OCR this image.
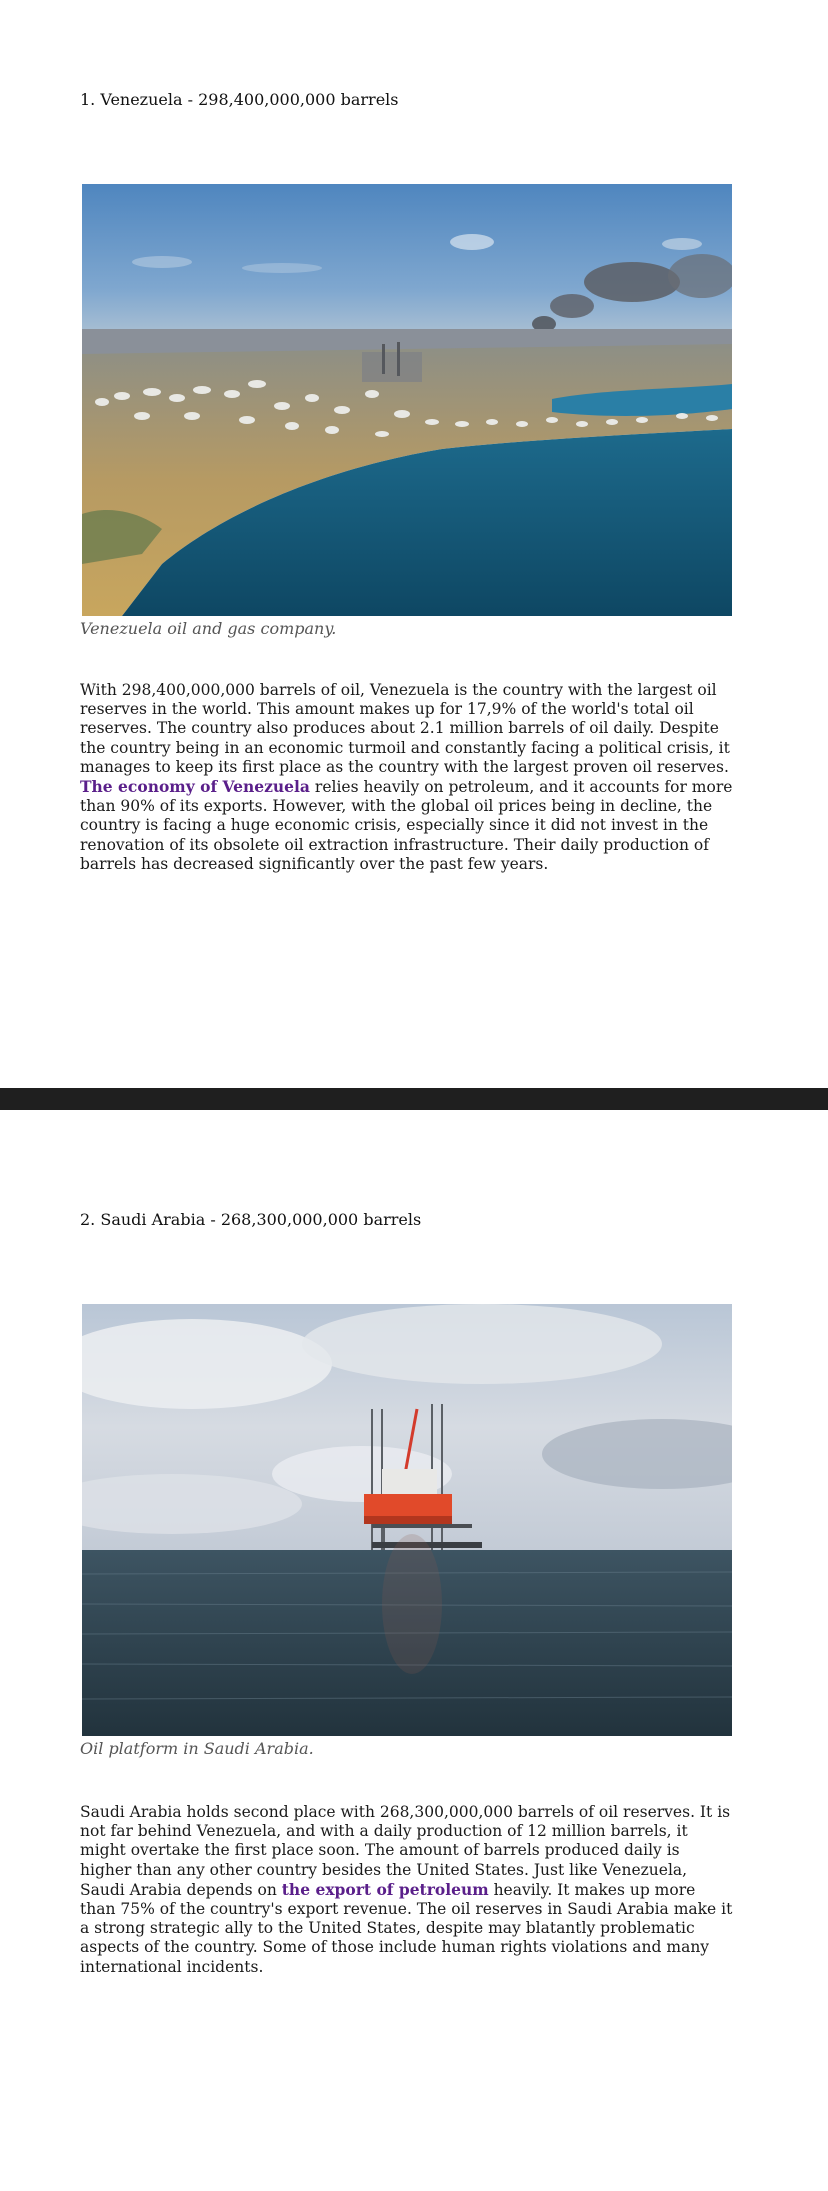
1. Venezuela - 298,400,000,000 barrels

Venezuela oil and gas company.

With 298,400,000,000 barrels of oil, Venezuela is the country with the largest oil reserves in the world. This amount makes up for 17,9% of the world's total oil reserves. The country also produces about 2.1 million barrels of oil daily. Despite the country being in an economic turmoil and constantly facing a political crisis, it manages to keep its first place as the country with the largest proven oil reserves.
The economy of Venezuela relies heavily on petroleum, and it accounts for more than 90% of its exports. However, with the global oil prices being in decline, the country is facing a huge economic crisis, especially since it did not invest in the renovation of its obsolete oil extraction infrastructure. Their daily production of barrels has decreased significantly over the past few years.

2. Saudi Arabia - 268,300,000,000 barrels

Oil platform in Saudi Arabia.

Saudi Arabia holds second place with 268,300,000,000 barrels of oil reserves. It is not far behind Venezuela, and with a daily production of 12 million barrels, it might overtake the first place soon. The amount of barrels produced daily is higher than any other country besides the United States. Just like Venezuela, Saudi Arabia depends on the export of petroleum heavily. It makes up more than 75% of the country's export revenue. The oil reserves in Saudi Arabia make it a strong strategic ally to the United States, despite may blatantly problematic aspects of the country. Some of those include human rights violations and many international incidents.
